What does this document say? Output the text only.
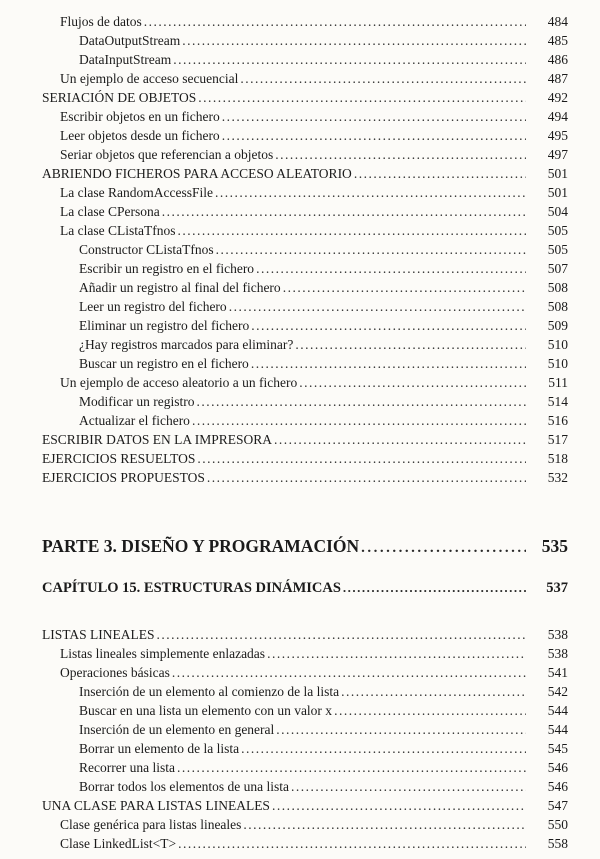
Flujos de datos .....	484
DataOutputStream .....	485
DataInputStream .....	486
Un ejemplo de acceso secuencial .....	487
SERIACIÓN DE OBJETOS .....	492
Escribir objetos en un fichero .....	494
Leer objetos desde un fichero .....	495
Seriar objetos que referencian a objetos .....	497
ABRIENDO FICHEROS PARA ACCESO ALEATORIO .....	501
La clase RandomAccessFile .....	501
La clase CPersona .....	504
La clase CListaTfnos .....	505
Constructor CListaTfnos .....	505
Escribir un registro en el fichero .....	507
Añadir un registro al final del fichero .....	508
Leer un registro del fichero .....	508
Eliminar un registro del fichero .....	509
¿Hay registros marcados para eliminar? .....	510
Buscar un registro en el fichero .....	510
Un ejemplo de acceso aleatorio a un fichero .....	511
Modificar un registro .....	514
Actualizar el fichero .....	516
ESCRIBIR DATOS EN LA IMPRESORA .....	517
EJERCICIOS RESUELTOS .....	518
EJERCICIOS PROPUESTOS .....	532
PARTE 3. DISEÑO Y PROGRAMACIÓN .....	535
CAPÍTULO 15. ESTRUCTURAS DINÁMICAS .....	537
LISTAS LINEALES .....	538
Listas lineales simplemente enlazadas .....	538
Operaciones básicas .....	541
Inserción de un elemento al comienzo de la lista .....	542
Buscar en una lista un elemento con un valor x .....	544
Inserción de un elemento en general .....	544
Borrar un elemento de la lista .....	545
Recorrer una lista .....	546
Borrar todos los elementos de una lista .....	546
UNA CLASE PARA LISTAS LINEALES .....	547
Clase genérica para listas lineales .....	550
Clase LinkedList<T> .....	558
